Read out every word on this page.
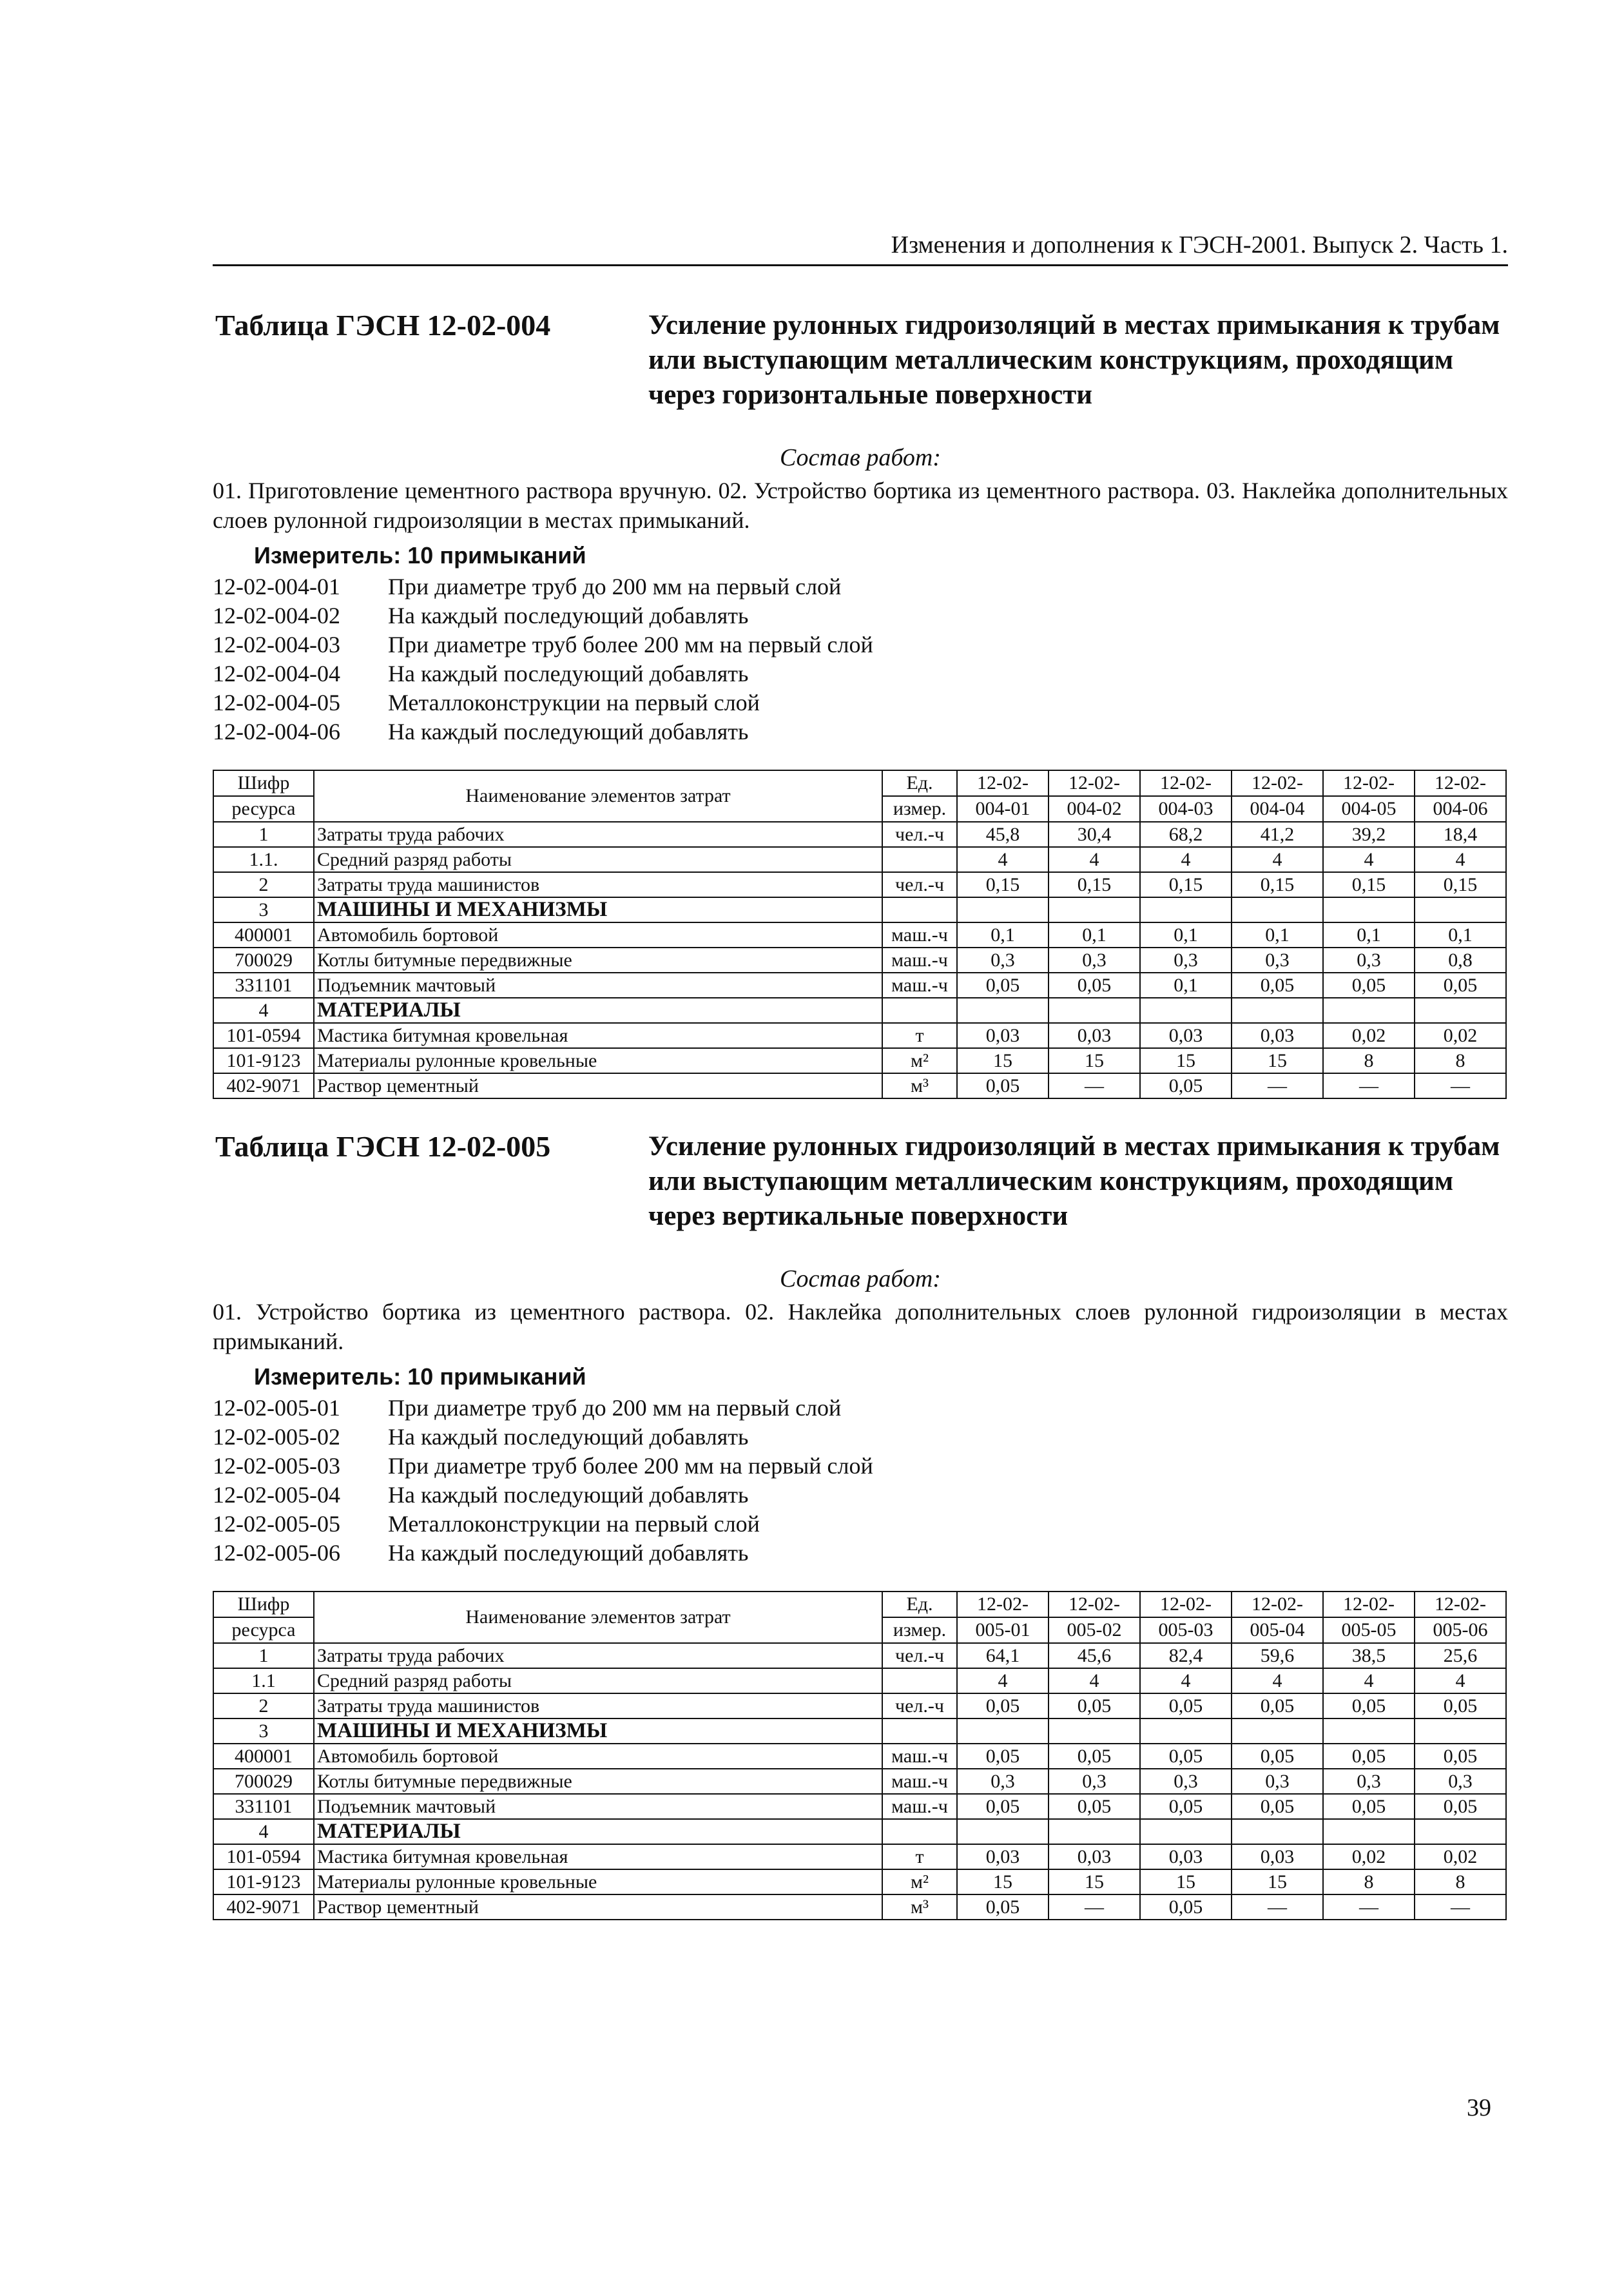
Изменения и дополнения к ГЭСН-2001. Выпуск 2. Часть 1.
Таблица ГЭСН 12-02-004	Усиление рулонных гидроизоляций в местах примыкания к трубам или выступающим металлическим конструкциям, проходящим через горизонтальные поверхности
Состав работ:
01. Приготовление цементного раствора вручную. 02. Устройство бортика из цементного раствора. 03. Наклейка дополнительных слоев рулонной гидроизоляции в местах примыканий.
Измеритель: 10 примыканий
12-02-004-01	При диаметре труб до 200 мм на первый слой
12-02-004-02	На каждый последующий добавлять
12-02-004-03	При диаметре труб более 200 мм на первый слой
12-02-004-04	На каждый последующий добавлять
12-02-004-05	Металлоконструкции на первый слой
12-02-004-06	На каждый последующий добавлять
Шифр	Наименование элементов затрат	Ед.	12-02-	12-02-	12-02-	12-02-	12-02-	12-02-
ресурса		измер.	004-01	004-02	004-03	004-04	004-05	004-06
1	Затраты труда рабочих	чел.-ч	45,8	30,4	68,2	41,2	39,2	18,4
1.1.	Средний разряд работы		4	4	4	4	4	4
2	Затраты труда машинистов	чел.-ч	0,15	0,15	0,15	0,15	0,15	0,15
3	МАШИНЫ И МЕХАНИЗМЫ							
400001	Автомобиль бортовой	маш.-ч	0,1	0,1	0,1	0,1	0,1	0,1
700029	Котлы битумные передвижные	маш.-ч	0,3	0,3	0,3	0,3	0,3	0,8
331101	Подъемник мачтовый	маш.-ч	0,05	0,05	0,1	0,05	0,05	0,05
4	МАТЕРИАЛЫ							
101-0594	Мастика битумная кровельная	т	0,03	0,03	0,03	0,03	0,02	0,02
101-9123	Материалы рулонные кровельные	м²	15	15	15	15	8	8
402-9071	Раствор цементный	м³	0,05	—	0,05	—	—	—
Таблица ГЭСН 12-02-005	Усиление рулонных гидроизоляций в местах примыкания к трубам или выступающим металлическим конструкциям, проходящим через вертикальные поверхности
Состав работ:
01. Устройство бортика из цементного раствора. 02. Наклейка дополнительных слоев рулонной гидроизоляции в местах примыканий.
Измеритель: 10 примыканий
12-02-005-01	При диаметре труб до 200 мм на первый слой
12-02-005-02	На каждый последующий добавлять
12-02-005-03	При диаметре труб более 200 мм на первый слой
12-02-005-04	На каждый последующий добавлять
12-02-005-05	Металлоконструкции на первый слой
12-02-005-06	На каждый последующий добавлять
Шифр	Наименование элементов затрат	Ед.	12-02-	12-02-	12-02-	12-02-	12-02-	12-02-
ресурса		измер.	005-01	005-02	005-03	005-04	005-05	005-06
1	Затраты труда рабочих	чел.-ч	64,1	45,6	82,4	59,6	38,5	25,6
1.1	Средний разряд работы		4	4	4	4	4	4
2	Затраты труда машинистов	чел.-ч	0,05	0,05	0,05	0,05	0,05	0,05
3	МАШИНЫ И МЕХАНИЗМЫ							
400001	Автомобиль бортовой	маш.-ч	0,05	0,05	0,05	0,05	0,05	0,05
700029	Котлы битумные передвижные	маш.-ч	0,3	0,3	0,3	0,3	0,3	0,3
331101	Подъемник мачтовый	маш.-ч	0,05	0,05	0,05	0,05	0,05	0,05
4	МАТЕРИАЛЫ							
101-0594	Мастика битумная кровельная	т	0,03	0,03	0,03	0,03	0,02	0,02
101-9123	Материалы рулонные кровельные	м²	15	15	15	15	8	8
402-9071	Раствор цементный	м³	0,05	—	0,05	—	—	—
39
